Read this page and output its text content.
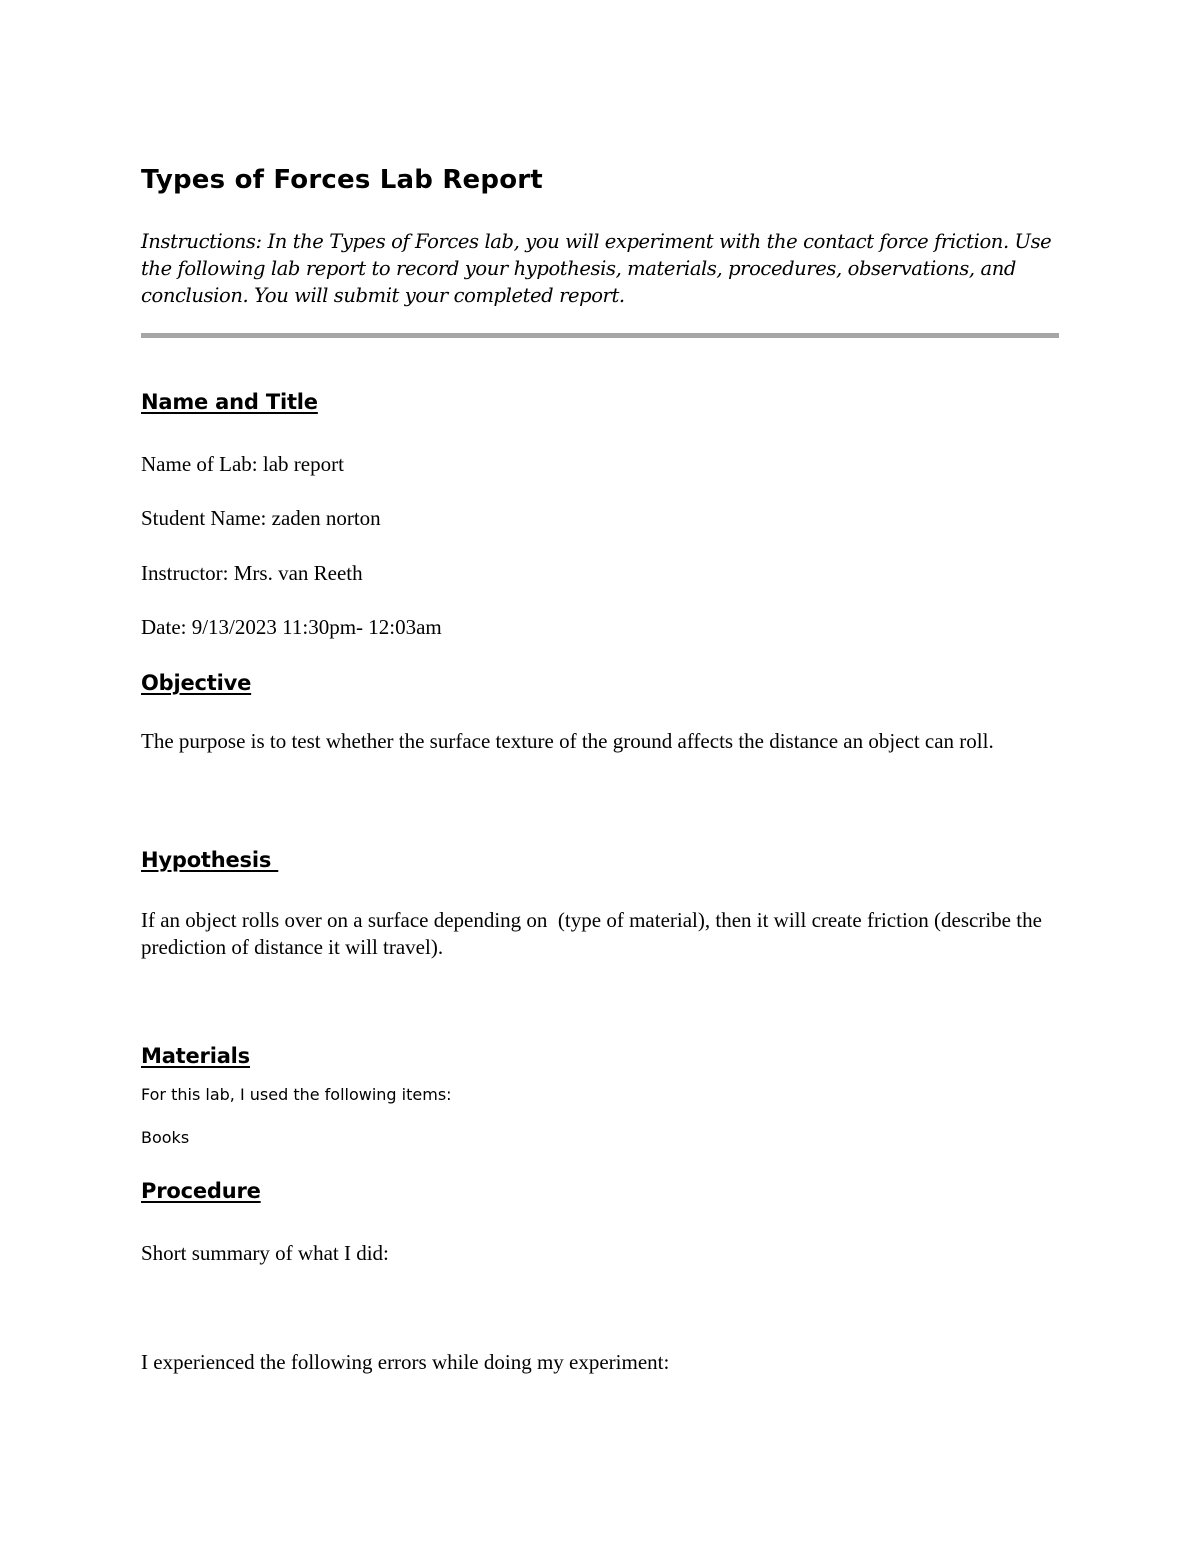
Types of Forces Lab Report

Instructions: In the Types of Forces lab, you will experiment with the contact force friction. Use the following lab report to record your hypothesis, materials, procedures, observations, and conclusion. You will submit your completed report.

Name and Title

Name of Lab: lab report

Student Name: zaden norton

Instructor: Mrs. van Reeth

Date: 9/13/2023 11:30pm- 12:03am

Objective

The purpose is to test whether the surface texture of the ground affects the distance an object can roll.

Hypothesis

If an object rolls over on a surface depending on  (type of material), then it will create friction (describe the prediction of distance it will travel).

Materials

For this lab, I used the following items:

Books

Procedure

Short summary of what I did:

I experienced the following errors while doing my experiment:
